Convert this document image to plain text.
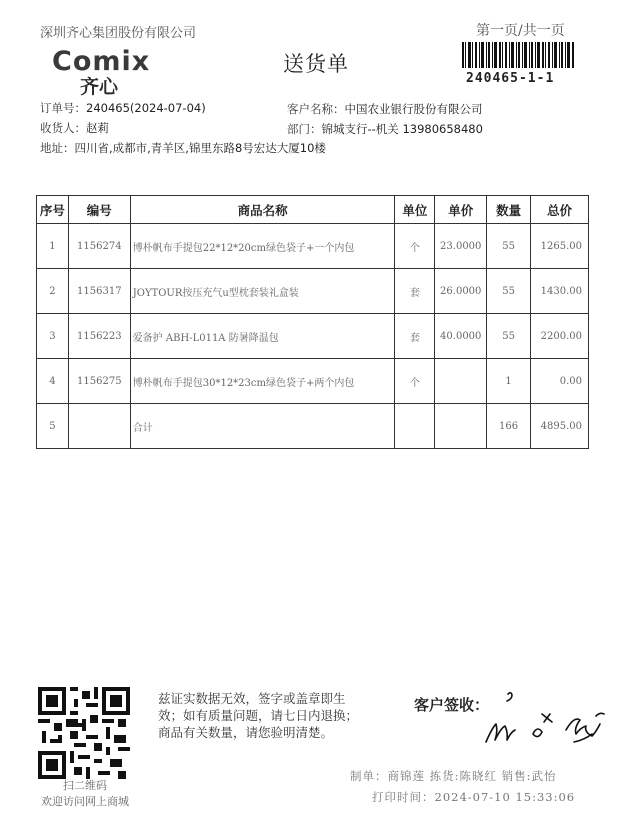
深圳齐心集团股份有限公司
Comix
齐心
送货单
第一页/共一页
240465-1-1
订单号：240465(2024-07-04)
收货人：赵莉
地址：四川省,成都市,青羊区,锦里东路8号宏达大厦10楼
客户名称：中国农业银行股份有限公司
部门：锦城支行--机关 13980658480
序号	编号	商品名称	单位	单价	数量	总价
1	1156274	博朴帆布手提包22*12*20cm绿色袋子+一个内包	个	23.0000	55	1265.00
2	1156317	JOYTOUR按压充气u型枕套装礼盒装	套	26.0000	55	1430.00
3	1156223	爱备护 ABH-L011A 防暑降温包	套	40.0000	55	2200.00
4	1156275	博朴帆布手提包30*12*23cm绿色袋子+两个内包	个		1	0.00
5		合计			166	4895.00
扫二维码
欢迎访问网上商城
兹证实数据无效，签字或盖章即生
效；如有质量问题，请七日内退换；
商品有关数量，请您验明清楚。
客户签收：
制单：商锦莲 拣货:陈晓红 销售:武怡
打印时间：2024-07-10 15:33:06
